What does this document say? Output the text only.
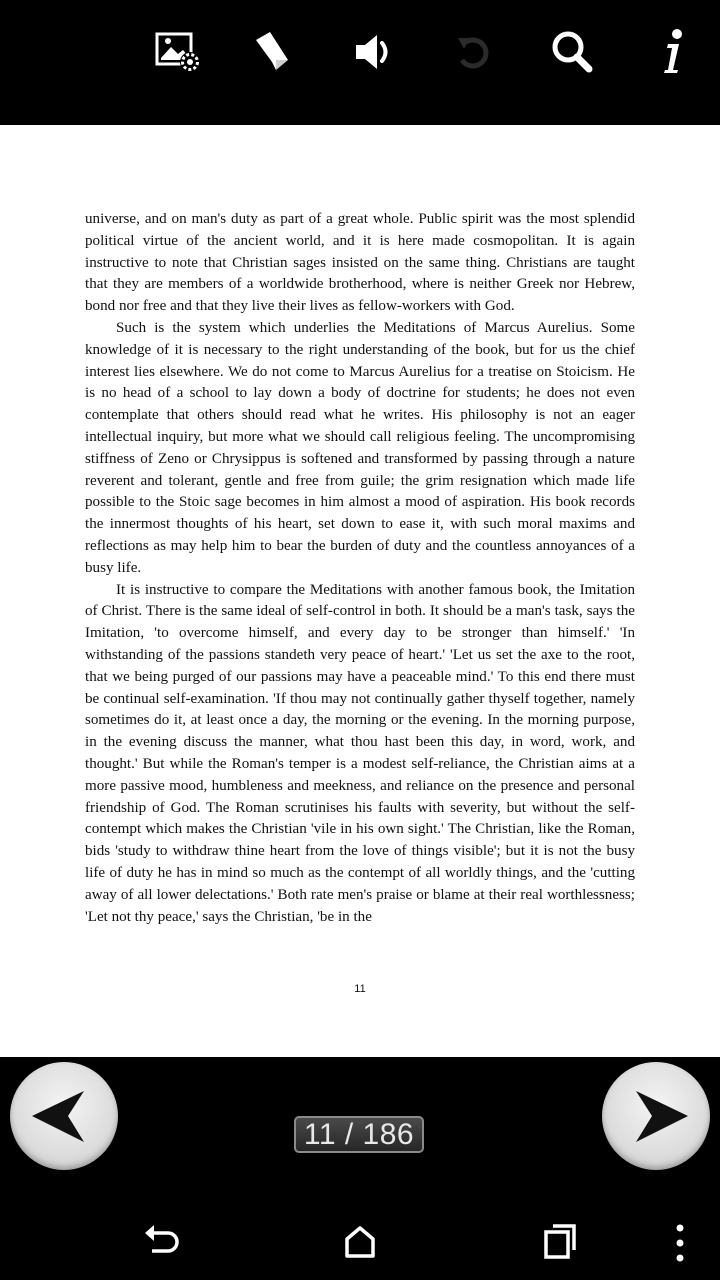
universe, and on man's duty as part of a great whole. Public spirit was the most splendid political virtue of the ancient world, and it is here made cosmopolitan. It is again instructive to note that Christian sages insisted on the same thing. Christians are taught that they are members of a worldwide brotherhood, where is neither Greek nor Hebrew, bond nor free and that they live their lives as fellow-workers with God.

Such is the system which underlies the Meditations of Marcus Aurelius. Some knowledge of it is necessary to the right understanding of the book, but for us the chief interest lies elsewhere. We do not come to Marcus Aurelius for a treatise on Stoicism. He is no head of a school to lay down a body of doctrine for students; he does not even contemplate that others should read what he writes. His philosophy is not an eager intellectual inquiry, but more what we should call religious feeling. The uncompromising stiffness of Zeno or Chrysippus is softened and transformed by passing through a nature reverent and tolerant, gentle and free from guile; the grim resignation which made life possible to the Stoic sage becomes in him almost a mood of aspiration. His book records the innermost thoughts of his heart, set down to ease it, with such moral maxims and reflections as may help him to bear the burden of duty and the countless annoyances of a busy life.

It is instructive to compare the Meditations with another famous book, the Imitation of Christ. There is the same ideal of self-control in both. It should be a man's task, says the Imitation, 'to overcome himself, and every day to be stronger than himself.' 'In withstanding of the passions standeth very peace of heart.' 'Let us set the axe to the root, that we being purged of our passions may have a peaceable mind.' To this end there must be continual self-examination. 'If thou may not continually gather thyself together, namely sometimes do it, at least once a day, the morning or the evening. In the morning purpose, in the evening discuss the manner, what thou hast been this day, in word, work, and thought.' But while the Roman's temper is a modest self-reliance, the Christian aims at a more passive mood, humbleness and meekness, and reliance on the presence and personal friendship of God. The Roman scrutinises his faults with severity, but without the self-contempt which makes the Christian 'vile in his own sight.' The Christian, like the Roman, bids 'study to withdraw thine heart from the love of things visible'; but it is not the busy life of duty he has in mind so much as the contempt of all worldly things, and the 'cutting away of all lower delectations.' Both rate men's praise or blame at their real worthlessness; 'Let not thy peace,' says the Christian, 'be in the

11
11 / 186
